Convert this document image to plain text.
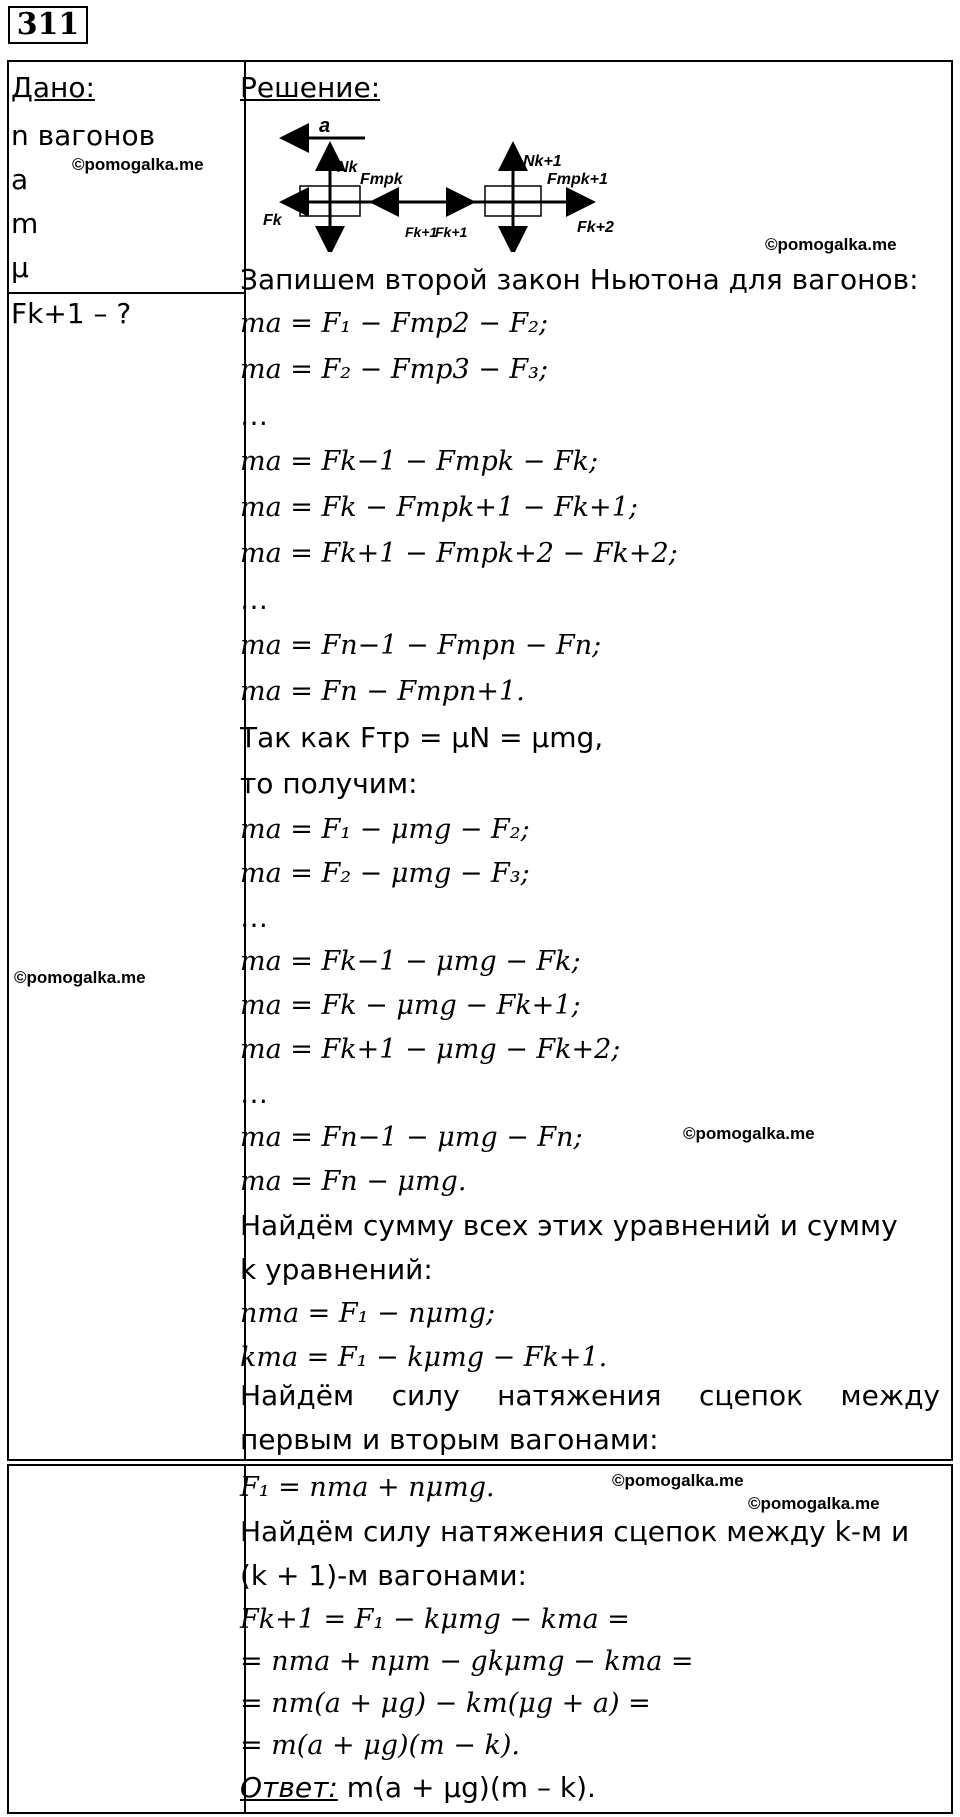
311
Дано:
n вагонов
a
m
μ
Fk+1 – ?
Решение:
a
Nk	Nk+1
Fтрk	Fтрk+1
Fk
Fk+1
Fk+1	Fk+2
Запишем второй закон Ньютона для вагонов:
ma = F₁ − Fтр2 − F₂;
ma = F₂ − Fтр3 − F₃;
…
ma = Fk−1 − Fтрk − Fk;
ma = Fk − Fтрk+1 − Fk+1;
ma = Fk+1 − Fтрk+2 − Fk+2;
…
ma = Fn−1 − Fтрn − Fn;
ma = Fn − Fтрn+1.
Так как Fтр = μN = μmg,
то получим:
ma = F₁ − μmg − F₂;
ma = F₂ − μmg − F₃;
…
ma = Fk−1 − μmg − Fk;
ma = Fk − μmg − Fk+1;
ma = Fk+1 − μmg − Fk+2;
…
ma = Fn−1 − μmg − Fn;
ma = Fn − μmg.
Найдём сумму всех этих уравнений и сумму
k уравнений:
nma = F₁ − nμmg;
kma = F₁ − kμmg − Fk+1.
Найдём силу натяжения сцепок между
первым и вторым вагонами:
F₁ = nma + nμmg.
Найдём силу натяжения сцепок между k-м и
(k + 1)-м вагонами:
Fk+1 = F₁ − kμmg − kma =
= nma + nμm − gkμmg − kma =
= nm(a + μg) − km(μg + a) =
= m(a + μg)(m − k).
Ответ: m(a + μg)(m – k).
©pomogalka.me
©pomogalka.me
©pomogalka.me
©pomogalka.me
©pomogalka.me
©pomogalka.me
